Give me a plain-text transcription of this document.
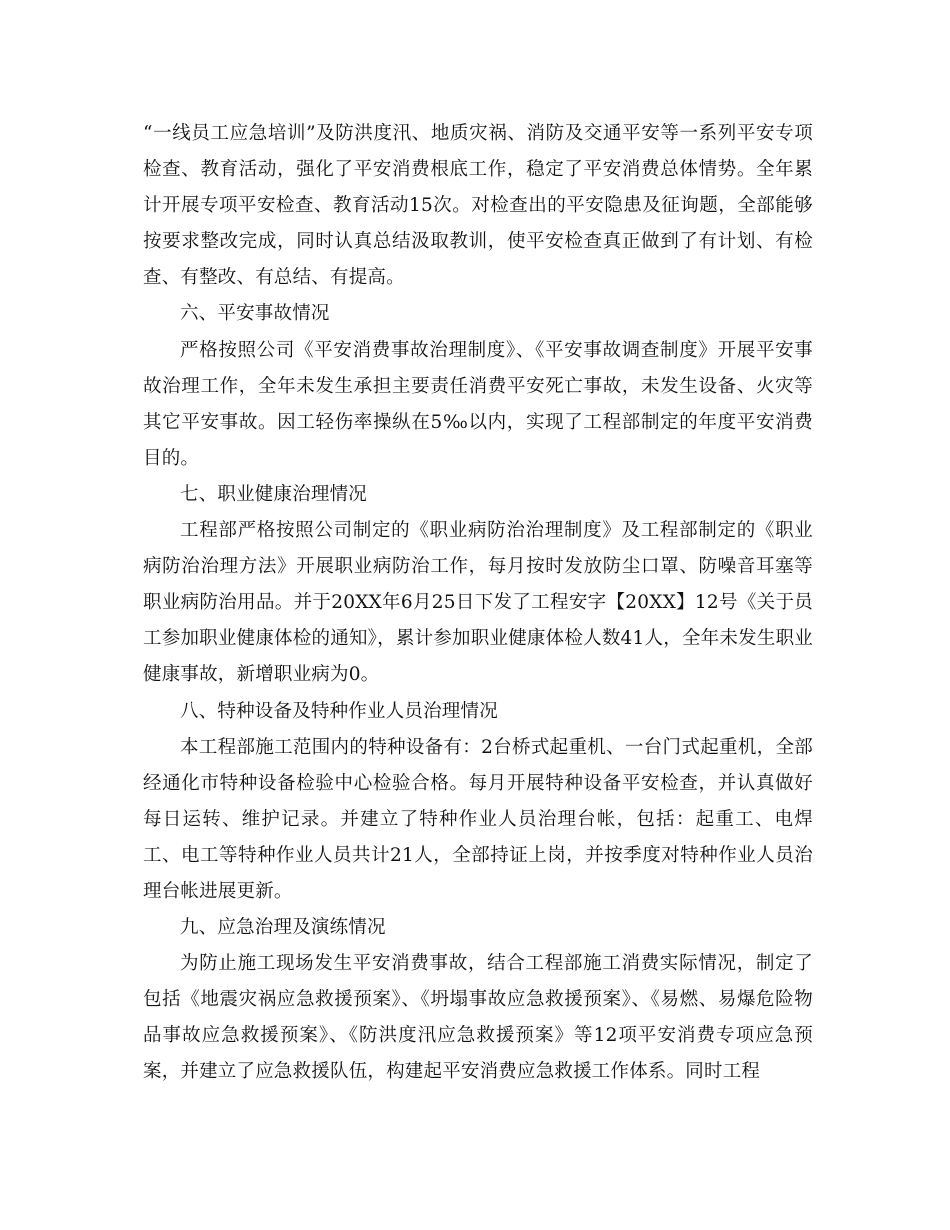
“一线员工应急培训”及防洪度汛、地质灾祸、消防及交通平安等一系列平安专项检查、教育活动，强化了平安消费根底工作，稳定了平安消费总体情势。全年累计开展专项平安检查、教育活动15次。对检查出的平安隐患及征询题，全部能够按要求整改完成，同时认真总结汲取教训，使平安检查真正做到了有计划、有检查、有整改、有总结、有提高。

六、平安事故情况

严格按照公司《平安消费事故治理制度》、《平安事故调查制度》开展平安事故治理工作，全年未发生承担主要责任消费平安死亡事故，未发生设备、火灾等其它平安事故。因工轻伤率操纵在5‰以内，实现了工程部制定的年度平安消费目的。

七、职业健康治理情况

工程部严格按照公司制定的《职业病防治治理制度》及工程部制定的《职业病防治治理方法》开展职业病防治工作，每月按时发放防尘口罩、防噪音耳塞等职业病防治用品。并于20XX年6月25日下发了工程安字【20XX】12号《关于员工参加职业健康体检的通知》，累计参加职业健康体检人数41人，全年未发生职业健康事故，新增职业病为0。

八、特种设备及特种作业人员治理情况

本工程部施工范围内的特种设备有：2台桥式起重机、一台门式起重机，全部经通化市特种设备检验中心检验合格。每月开展特种设备平安检查，并认真做好每日运转、维护记录。并建立了特种作业人员治理台帐，包括：起重工、电焊工、电工等特种作业人员共计21人，全部持证上岗，并按季度对特种作业人员治理台帐进展更新。

九、应急治理及演练情况

为防止施工现场发生平安消费事故，结合工程部施工消费实际情况，制定了包括《地震灾祸应急救援预案》、《坍塌事故应急救援预案》、《易燃、易爆危险物品事故应急救援预案》、《防洪度汛应急救援预案》等12项平安消费专项应急预案，并建立了应急救援队伍，构建起平安消费应急救援工作体系。同时工程
